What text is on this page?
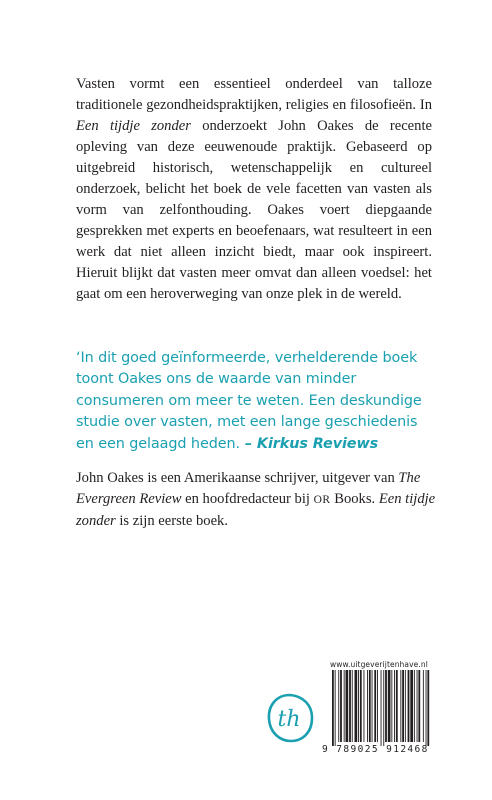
Vasten vormt een essentieel onderdeel van talloze traditionele gezondheidspraktijken, religies en filosofieën. In Een tijdje zonder onderzoekt John Oakes de recente opleving van deze eeuwenoude praktijk. Gebaseerd op uitgebreid historisch, wetenschappelijk en cultureel onderzoek, belicht het boek de vele facetten van vasten als vorm van zelfonthouding. Oakes voert diepgaande gesprekken met experts en beoefenaars, wat resulteert in een werk dat niet alleen inzicht biedt, maar ook inspireert. Hieruit blijkt dat vasten meer omvat dan alleen voedsel: het gaat om een heroverweging van onze plek in de wereld.

‘In dit goed geïnformeerde, verhelderende boek toont Oakes ons de waarde van minder consumeren om meer te weten. Een deskundige studie over vasten, met een lange geschiedenis en een gelaagd heden. – Kirkus Reviews

John Oakes is een Amerikaanse schrijver, uitgever van The Evergreen Review en hoofdredacteur bij OR Books. Een tijdje zonder is zijn eerste boek.

th

www.uitgeverijtenhave.nl

9 789025 912468
